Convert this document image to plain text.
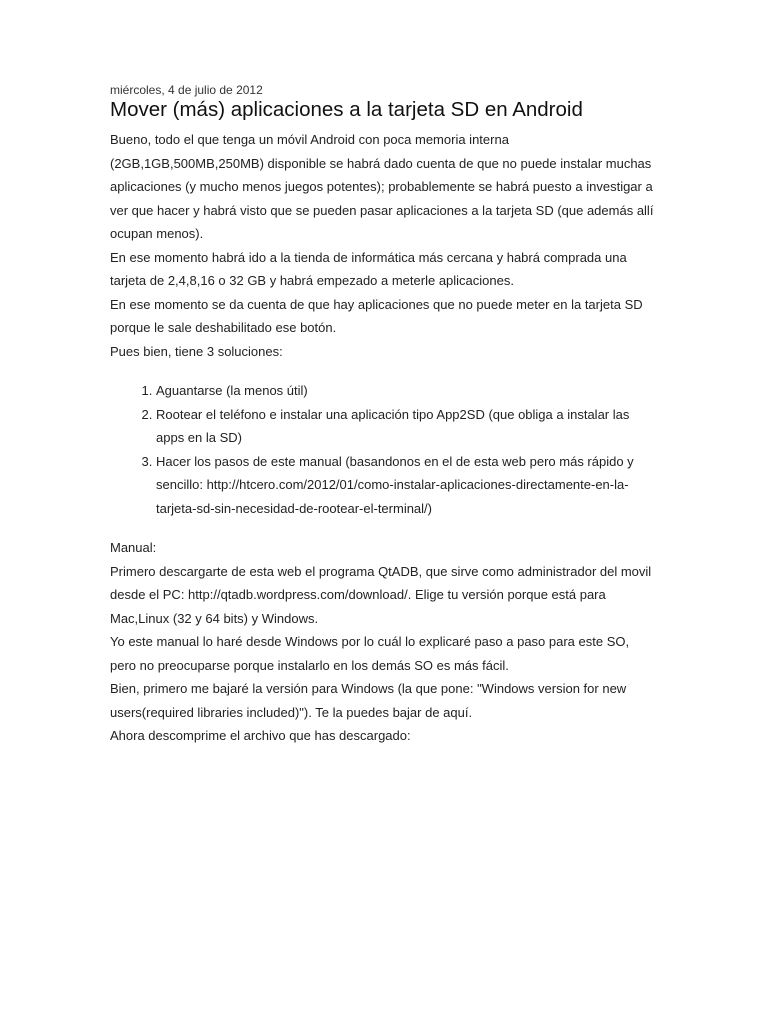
miércoles, 4 de julio de 2012
Mover (más) aplicaciones a la tarjeta SD en Android

Bueno, todo el que tenga un móvil Android con poca memoria interna (2GB,1GB,500MB,250MB) disponible se habrá dado cuenta de que no puede instalar muchas aplicaciones (y mucho menos juegos potentes); probablemente se habrá puesto a investigar a ver que hacer y habrá visto que se pueden pasar aplicaciones a la tarjeta SD (que además allí ocupan menos).

En ese momento habrá ido a la tienda de informática más cercana y habrá comprada una tarjeta de 2,4,8,16 o 32 GB y habrá empezado a meterle aplicaciones.

En ese momento se da cuenta de que hay aplicaciones que no puede meter en la tarjeta SD porque le sale deshabilitado ese botón.

Pues bien, tiene 3 soluciones:

1. Aguantarse (la menos útil)
2. Rootear el teléfono e instalar una aplicación tipo App2SD (que obliga a instalar las apps en la SD)
3. Hacer los pasos de este manual (basandonos en el de esta web pero más rápido y sencillo: http://htcero.com/2012/01/como-instalar-aplicaciones-directamente-en-la-tarjeta-sd-sin-necesidad-de-rootear-el-terminal/)

Manual:

Primero descargarte de esta web el programa QtADB, que sirve como administrador del movil desde el PC: http://qtadb.wordpress.com/download/. Elige tu versión porque está para Mac,Linux (32 y 64 bits) y Windows.

Yo este manual lo haré desde Windows por lo cuál lo explicaré paso a paso para este SO, pero no preocuparse porque instalarlo en los demás SO es más fácil.

Bien, primero me bajaré la versión para Windows (la que pone: "Windows version for new users(required libraries included)"). Te la puedes bajar de aquí.

Ahora descomprime el archivo que has descargado:
